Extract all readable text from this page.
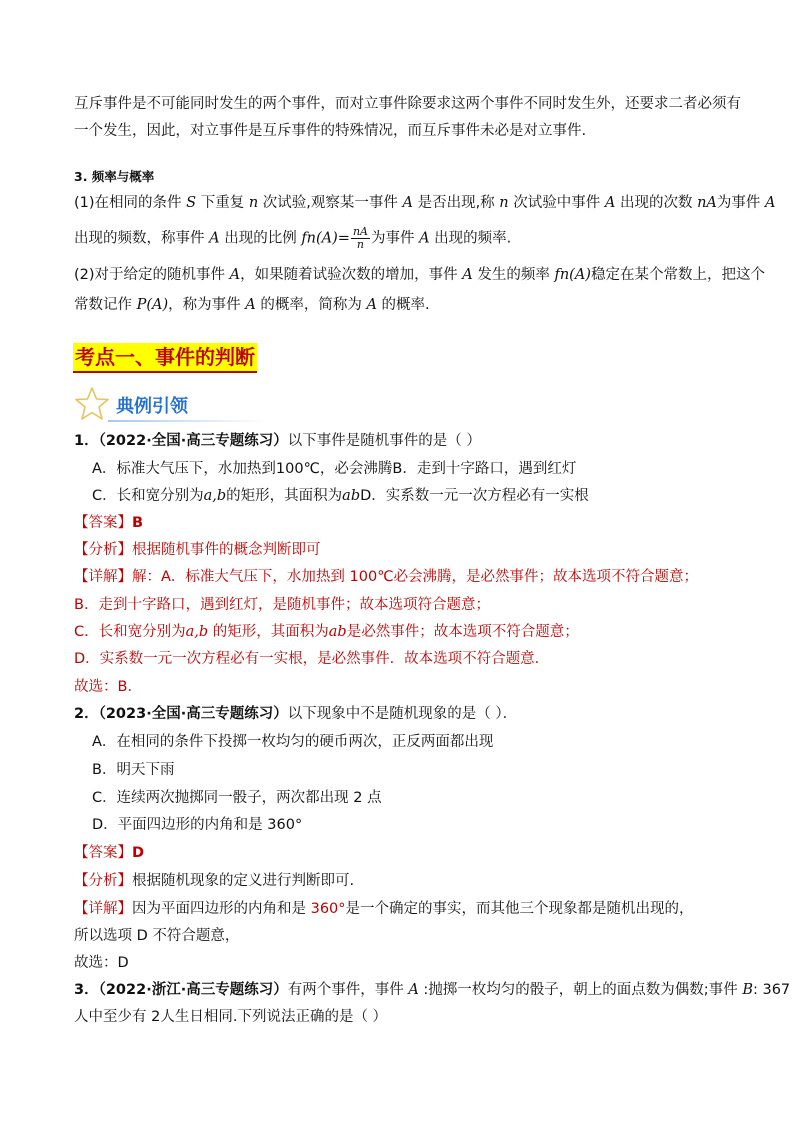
互斥事件是不可能同时发生的两个事件，而对立事件除要求这两个事件不同时发生外，还要求二者必须有
一个发生，因此，对立事件是互斥事件的特殊情况，而互斥事件未必是对立事件.
3. 频率与概率
(1)在相同的条件 S 下重复 n 次试验,观察某一事件 A 是否出现,称 n 次试验中事件 A 出现的次数 nA为事件 A
出现的频数，称事件 A 出现的比例 $fn(A)= \frac{nA}{n}$ 为事件 A 出现的频率.
(2)对于给定的随机事件 A，如果随着试验次数的增加，事件 A 发生的频率 fn(A)稳定在某个常数上，把这个
常数记作 P(A)，称为事件 A 的概率，简称为 A 的概率.
考点一、事件的判断
典例引领
1．（2022·全国·高三专题练习）以下事件是随机事件的是（ ）
A．标准大气压下，水加热到100℃，必会沸腾B．走到十字路口，遇到红灯
C．长和宽分别为a,b的矩形，其面积为abD．实系数一元一次方程必有一实根
【答案】B
【分析】根据随机事件的概念判断即可
【详解】解：A．标准大气压下，水加热到 100℃必会沸腾，是必然事件；故本选项不符合题意；
B．走到十字路口，遇到红灯，是随机事件；故本选项符合题意；
C．长和宽分别为a,b 的矩形，其面积为ab是必然事件；故本选项不符合题意；
D．实系数一元一次方程必有一实根，是必然事件．故本选项不符合题意．
故选：B．
2．（2023·全国·高三专题练习）以下现象中不是随机现象的是（ ）．
A．在相同的条件下投掷一枚均匀的硬币两次，正反两面都出现
B．明天下雨
C．连续两次抛掷同一骰子，两次都出现 2 点
D．平面四边形的内角和是 360°
【答案】D
【分析】根据随机现象的定义进行判断即可.
【详解】因为平面四边形的内角和是 360°是一个确定的事实，而其他三个现象都是随机出现的，
所以选项 D 不符合题意，
故选：D
3．（2022·浙江·高三专题练习）有两个事件，事件 A :抛掷一枚均匀的骰子，朝上的面点数为偶数;事件 B: 367
人中至少有 2人生日相同.下列说法正确的是（ ）
